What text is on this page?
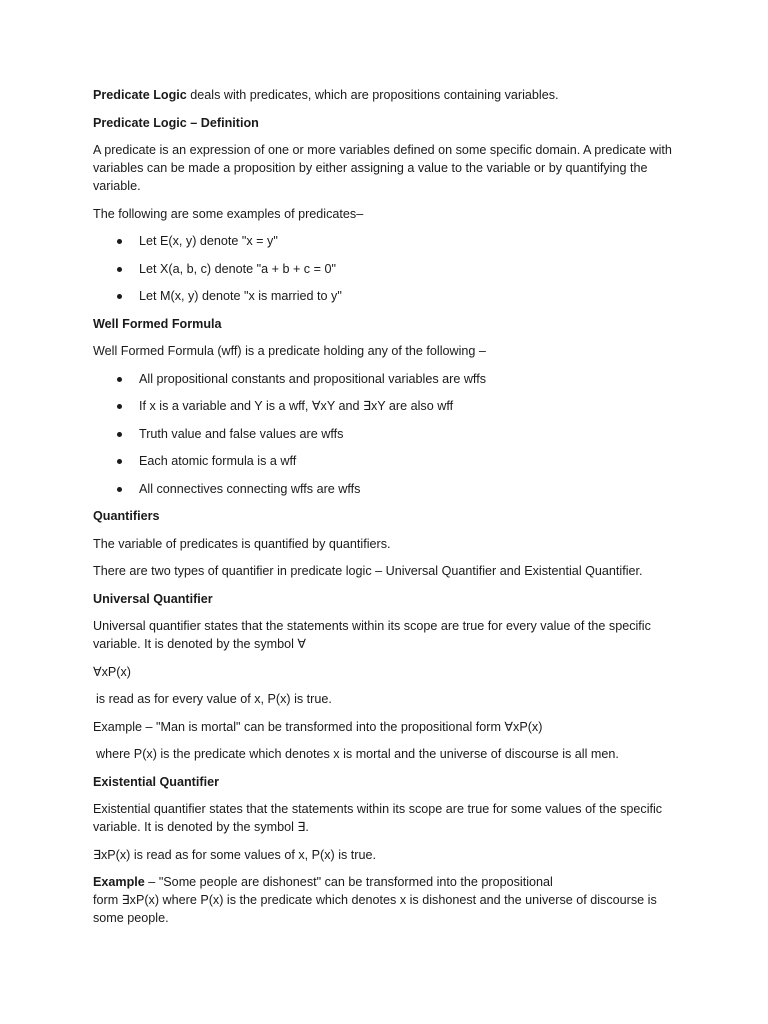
Predicate Logic deals with predicates, which are propositions containing variables.

Predicate Logic – Definition

A predicate is an expression of one or more variables defined on some specific domain. A predicate with variables can be made a proposition by either assigning a value to the variable or by quantifying the variable.

The following are some examples of predicates–

Let E(x, y) denote "x = y"
Let X(a, b, c) denote "a + b + c = 0"
Let M(x, y) denote "x is married to y"

Well Formed Formula

Well Formed Formula (wff) is a predicate holding any of the following –

All propositional constants and propositional variables are wffs
If x is a variable and Y is a wff, ∀xY and ∃xY are also wff
Truth value and false values are wffs
Each atomic formula is a wff
All connectives connecting wffs are wffs

Quantifiers

The variable of predicates is quantified by quantifiers.

There are two types of quantifier in predicate logic – Universal Quantifier and Existential Quantifier.

Universal Quantifier

Universal quantifier states that the statements within its scope are true for every value of the specific variable. It is denoted by the symbol ∀

∀xP(x)

is read as for every value of x, P(x) is true.

Example – "Man is mortal" can be transformed into the propositional form ∀xP(x)

where P(x) is the predicate which denotes x is mortal and the universe of discourse is all men.

Existential Quantifier

Existential quantifier states that the statements within its scope are true for some values of the specific variable. It is denoted by the symbol ∃.

∃xP(x) is read as for some values of x, P(x) is true.

Example – "Some people are dishonest" can be transformed into the propositional
form ∃xP(x) where P(x) is the predicate which denotes x is dishonest and the universe of discourse is some people.
